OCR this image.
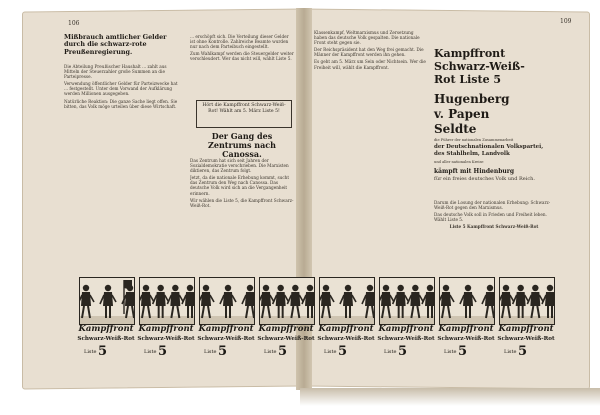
106	109
Mißbrauch amtlicher Gelder durch die schwarz-rote Preußenregierung.

Die Abteilung Preußischer Haushalt ... zahlt aus Mitteln der Steuerzahler große Summen an die Parteipresse.

Verwendung öffentlicher Gelder für Parteizwecke hat ... festgestellt. Unter dem Vorwand der Aufklärung werden Millionen ausgegeben.

Natürliche Reaktion: Die ganze Sache liegt offen. Sie bitten, das Volk möge urteilen über diese Wirtschaft.

... erschöpft sich. Die Verteilung dieser Gelder ist ohne Kontrolle. Zahlreiche Beamte wurden nur nach dem Parteibuch eingestellt.

Zum Wahlkampf werden die Steuergelder weiter verschleudert. Wer das nicht will, wählt Liste 5.

Hört die Kampffront Schwarz-Weiß-Rot! Wählt am 5. März Liste 5!
Der Gang des Zentrums nach Canossa.

Das Zentrum hat sich seit Jahren der Sozialdemokratie verschrieben. Die Marxisten diktieren, das Zentrum folgt.

Jetzt, da die nationale Erhebung kommt, sucht das Zentrum den Weg nach Canossa. Das deutsche Volk wird sich an die Vergangenheit erinnern.

Wir wählen die Liste 5, die Kampffront Schwarz-Weiß-Rot.

Klassenkampf, Weltmarxismus und Zersetzung haben das deutsche Volk gespalten. Die nationale Front steht gegen sie.

Der Reichspräsident hat den Weg frei gemacht. Die Männer der Kampffront werden ihn gehen.

Es geht am 5. März um Sein oder Nichtsein. Wer die Freiheit will, wählt die Kampffront.

Kampffront
Schwarz-Weiß-
Rot Liste 5
Hugenberg
v. Papen
Seldte
die Führer der nationalen Zusammenarbeit
der Deutschnationalen Volkspartei, des Stahlhelm, Landvolk
und aller nationalen Kreise
kämpft mit Hindenburg
für ein freies deutsches Volk und Reich.

Darum die Losung der nationalen Erhebung: Schwarz-Weiß-Rot gegen den Marxismus.

Das deutsche Volk soll in Frieden und Freiheit leben. Wählt Liste 5.

Liste 5 Kampffront Schwarz-Weiß-Rot

Kampffront
Schwarz-Weiß-Rot
Liste 5
Kampffront
Schwarz-Weiß-Rot
Liste 5
Kampffront
Schwarz-Weiß-Rot
Liste 5
Kampffront
Schwarz-Weiß-Rot
Liste 5
Kampffront
Schwarz-Weiß-Rot
Liste 5
Kampffront
Schwarz-Weiß-Rot
Liste 5
Kampffront
Schwarz-Weiß-Rot
Liste 5
Kampffront
Schwarz-Weiß-Rot
Liste 5
